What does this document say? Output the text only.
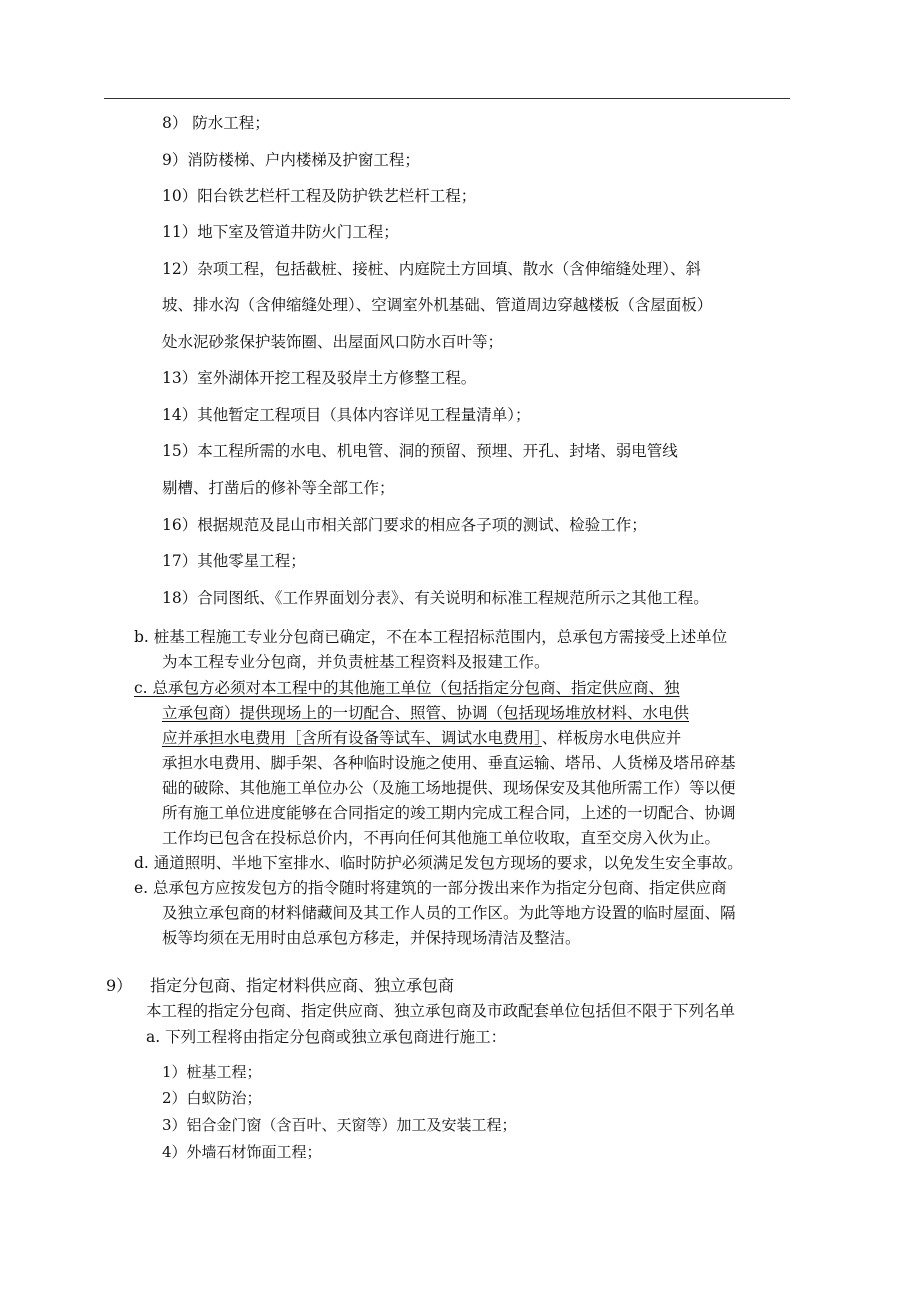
8） 防水工程；
9）消防楼梯、户内楼梯及护窗工程；
10）阳台铁艺栏杆工程及防护铁艺栏杆工程；
11）地下室及管道井防火门工程；
12）杂项工程，包括截桩、接桩、内庭院土方回填、散水（含伸缩缝处理）、斜
坡、排水沟（含伸缩缝处理）、空调室外机基础、管道周边穿越楼板（含屋面板）
处水泥砂浆保护装饰圈、出屋面风口防水百叶等；
13）室外湖体开挖工程及驳岸土方修整工程。
14）其他暂定工程项目（具体内容详见工程量清单）；
15）本工程所需的水电、机电管、洞的预留、预埋、开孔、封堵、弱电管线
剔槽、打凿后的修补等全部工作；
16）根据规范及昆山市相关部门要求的相应各子项的测试、检验工作；
17）其他零星工程；
18）合同图纸、《工作界面划分表》、有关说明和标准工程规范所示之其他工程。
b. 桩基工程施工专业分包商已确定，不在本工程招标范围内，总承包方需接受上述单位
为本工程专业分包商，并负责桩基工程资料及报建工作。
c. 总承包方必须对本工程中的其他施工单位（包括指定分包商、指定供应商、独
立承包商）提供现场上的一切配合、照管、协调（包括现场堆放材料、水电供
应并承担水电费用［含所有设备等试车、调试水电费用］、样板房水电供应并
承担水电费用、脚手架、各种临时设施之使用、垂直运输、塔吊、人货梯及塔吊碎基
础的破除、其他施工单位办公（及施工场地提供、现场保安及其他所需工作）等以便
所有施工单位进度能够在合同指定的竣工期内完成工程合同，上述的一切配合、协调
工作均已包含在投标总价内，不再向任何其他施工单位收取，直至交房入伙为止。
d. 通道照明、半地下室排水、临时防护必须满足发包方现场的要求，以免发生安全事故。
e. 总承包方应按发包方的指令随时将建筑的一部分拨出来作为指定分包商、指定供应商
及独立承包商的材料储藏间及其工作人员的工作区。为此等地方设置的临时屋面、隔
板等均须在无用时由总承包方移走，并保持现场清洁及整洁。
9） 指定分包商、指定材料供应商、独立承包商
本工程的指定分包商、指定供应商、独立承包商及市政配套单位包括但不限于下列名单
a. 下列工程将由指定分包商或独立承包商进行施工：
1）桩基工程；
2）白蚁防治；
3）铝合金门窗（含百叶、天窗等）加工及安装工程；
4）外墙石材饰面工程；
